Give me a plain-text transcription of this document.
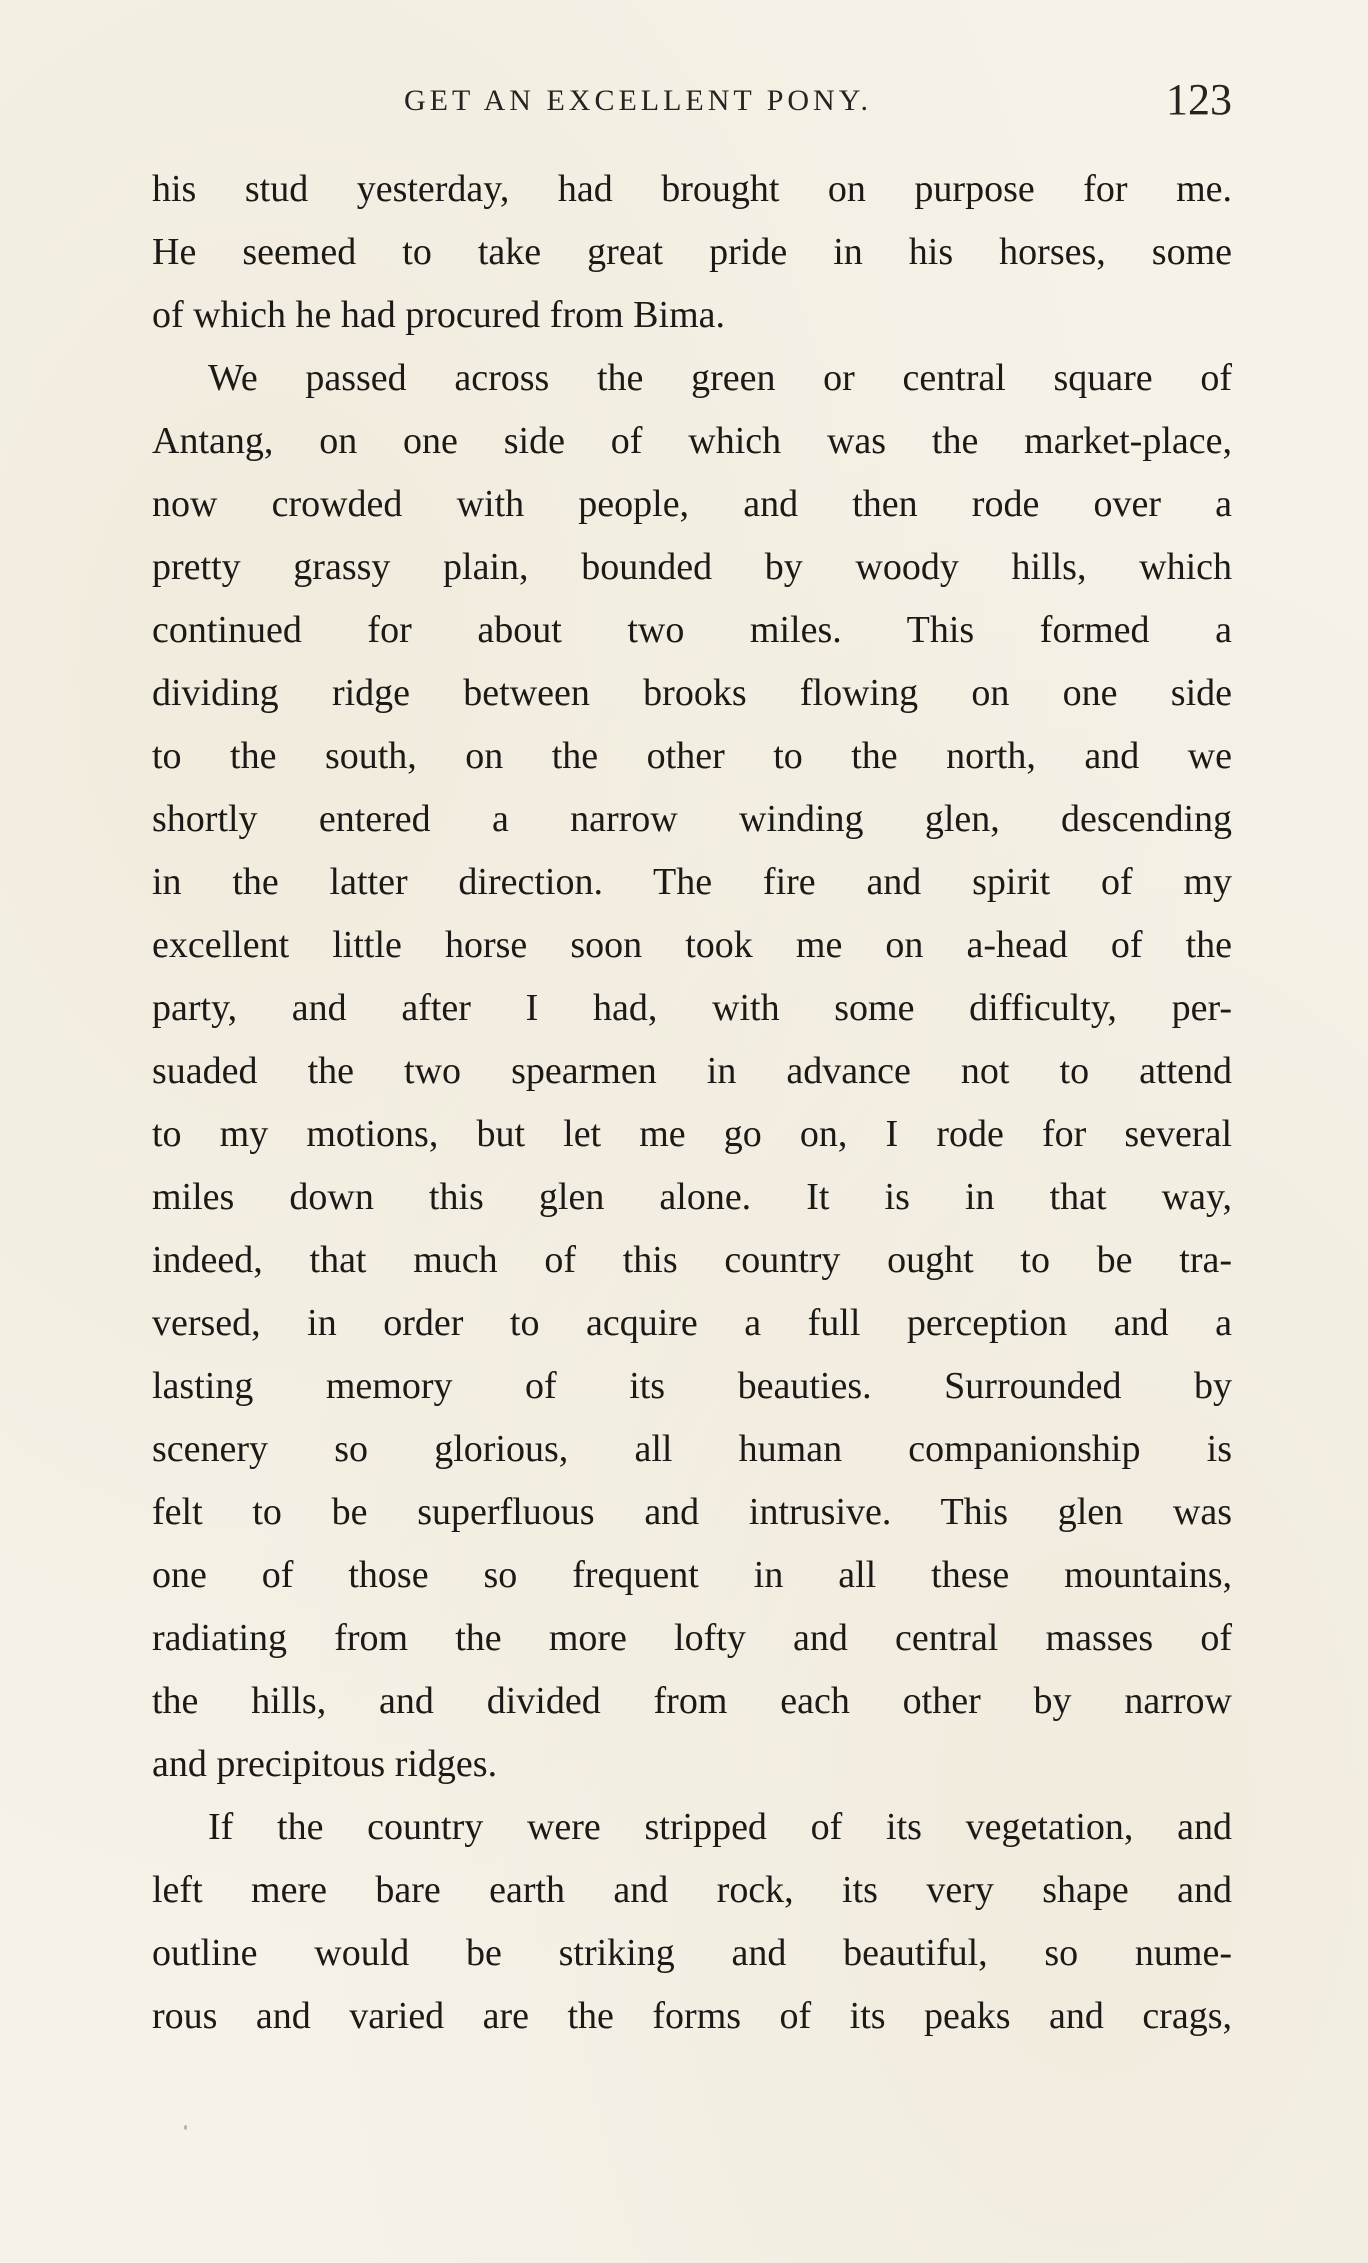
GET AN EXCELLENT PONY.	123
his stud yesterday, had brought on purpose for me.
He seemed to take great pride in his horses, some
of which he had procured from Bima.
We passed across the green or central square of
Antang, on one side of which was the market-place,
now crowded with people, and then rode over a
pretty grassy plain, bounded by woody hills, which
continued for about two miles. This formed a
dividing ridge between brooks flowing on one side
to the south, on the other to the north, and we
shortly entered a narrow winding glen, descending
in the latter direction. The fire and spirit of my
excellent little horse soon took me on a-head of the
party, and after I had, with some difficulty, per-
suaded the two spearmen in advance not to attend
to my motions, but let me go on, I rode for several
miles down this glen alone. It is in that way,
indeed, that much of this country ought to be tra-
versed, in order to acquire a full perception and a
lasting memory of its beauties. Surrounded by
scenery so glorious, all human companionship is
felt to be superfluous and intrusive. This glen was
one of those so frequent in all these mountains,
radiating from the more lofty and central masses of
the hills, and divided from each other by narrow
and precipitous ridges.
If the country were stripped of its vegetation, and
left mere bare earth and rock, its very shape and
outline would be striking and beautiful, so nume-
rous and varied are the forms of its peaks and crags,
